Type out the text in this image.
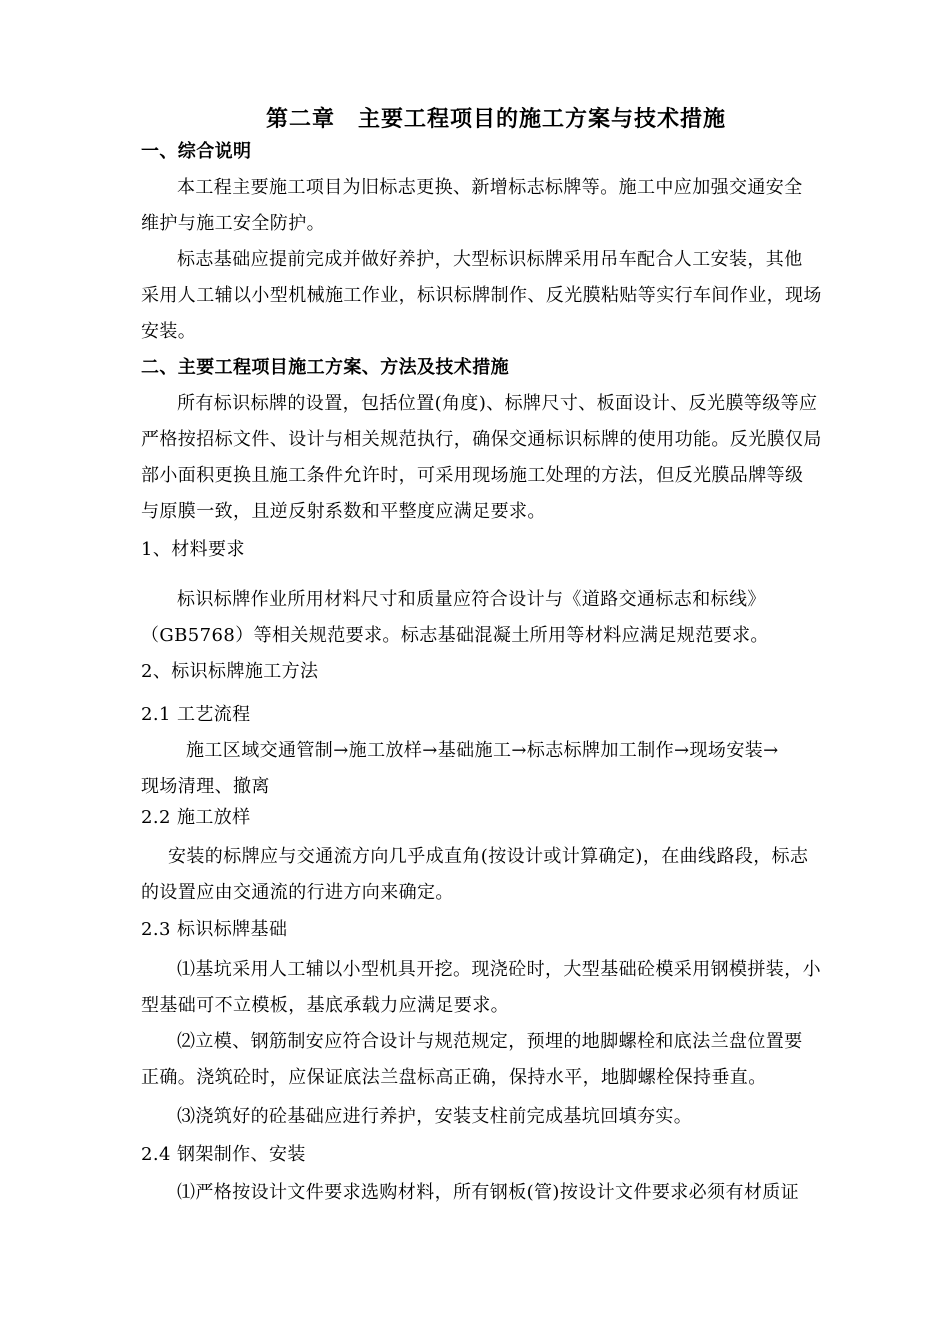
第二章　主要工程项目的施工方案与技术措施
一、综合说明
本工程主要施工项目为旧标志更换、新增标志标牌等。施工中应加强交通安全
维护与施工安全防护。
标志基础应提前完成并做好养护，大型标识标牌采用吊车配合人工安装，其他
采用人工辅以小型机械施工作业，标识标牌制作、反光膜粘贴等实行车间作业，现场
安装。
二、主要工程项目施工方案、方法及技术措施
所有标识标牌的设置，包括位置(角度)、标牌尺寸、板面设计、反光膜等级等应
严格按招标文件、设计与相关规范执行，确保交通标识标牌的使用功能。反光膜仅局
部小面积更换且施工条件允许时，可采用现场施工处理的方法，但反光膜品牌等级
与原膜一致，且逆反射系数和平整度应满足要求。
1、材料要求
标识标牌作业所用材料尺寸和质量应符合设计与《道路交通标志和标线》
（GB5768）等相关规范要求。标志基础混凝土所用等材料应满足规范要求。
2、标识标牌施工方法
2.1 工艺流程
施工区域交通管制→施工放样→基础施工→标志标牌加工制作→现场安装→
现场清理、撤离
2.2 施工放样
安装的标牌应与交通流方向几乎成直角(按设计或计算确定)，在曲线路段，标志
的设置应由交通流的行进方向来确定。
2.3 标识标牌基础
⑴基坑采用人工辅以小型机具开挖。现浇砼时，大型基础砼模采用钢模拼装，小
型基础可不立模板，基底承载力应满足要求。
⑵立模、钢筋制安应符合设计与规范规定，预埋的地脚螺栓和底法兰盘位置要
正确。浇筑砼时，应保证底法兰盘标高正确，保持水平，地脚螺栓保持垂直。
⑶浇筑好的砼基础应进行养护，安装支柱前完成基坑回填夯实。
2.4 钢架制作、安装
⑴严格按设计文件要求选购材料，所有钢板(管)按设计文件要求必须有材质证
